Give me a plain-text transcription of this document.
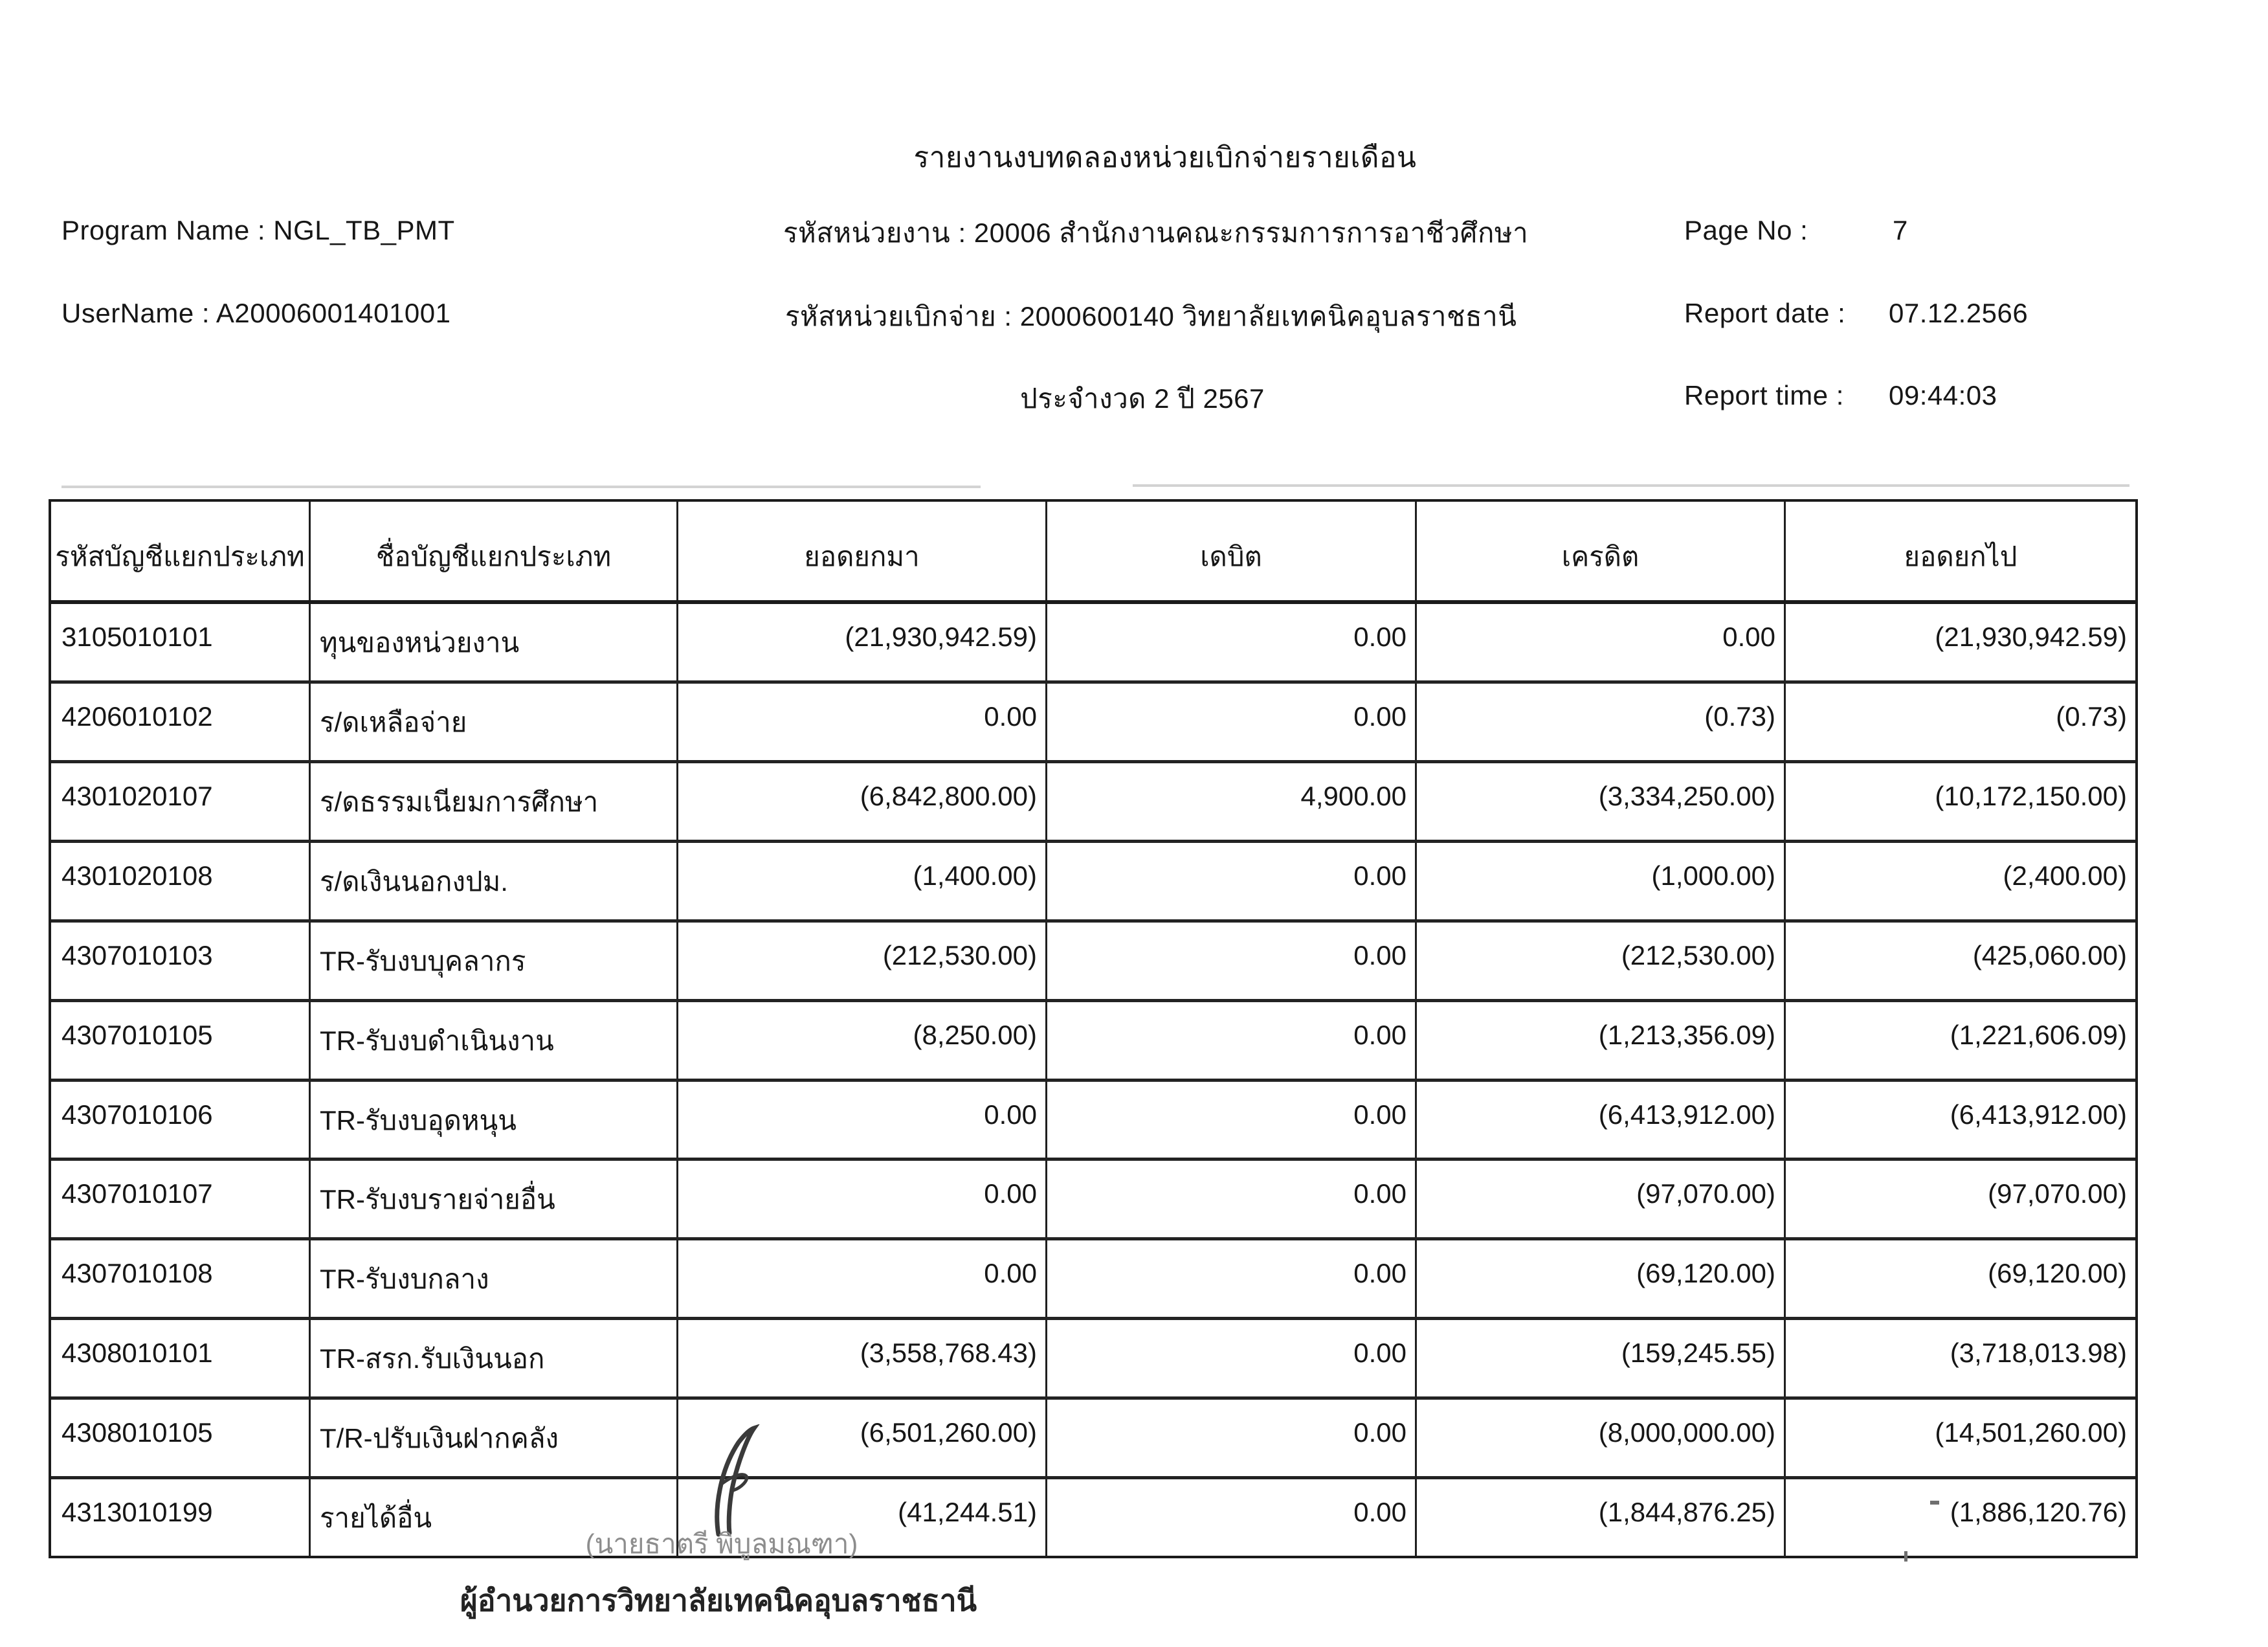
รายงานงบทดลองหน่วยเบิกจ่ายรายเดือน
Program Name : NGL_TB_PMT
UserName : A20006001401001
รหัสหน่วยงาน : 20006 สำนักงานคณะกรรมการการอาชีวศึกษา
รหัสหน่วยเบิกจ่าย : 2000600140 วิทยาลัยเทคนิคอุบลราชธานี
ประจำงวด 2 ปี 2567
Page No :	7
Report date : 07.12.2566
Report time : 09:44:03
รหัสบัญชีแยกประเภท	ชื่อบัญชีแยกประเภท	ยอดยกมา	เดบิต	เครดิต	ยอดยกไป
3105010101	ทุนของหน่วยงาน	(21,930,942.59)	0.00	0.00	(21,930,942.59)
4206010102	ร/ดเหลือจ่าย	0.00	0.00	(0.73)	(0.73)
4301020107	ร/ดธรรมเนียมการศึกษา	(6,842,800.00)	4,900.00	(3,334,250.00)	(10,172,150.00)
4301020108	ร/ดเงินนอกงปม.	(1,400.00)	0.00	(1,000.00)	(2,400.00)
4307010103	TR-รับงบบุคลากร	(212,530.00)	0.00	(212,530.00)	(425,060.00)
4307010105	TR-รับงบดำเนินงาน	(8,250.00)	0.00	(1,213,356.09)	(1,221,606.09)
4307010106	TR-รับงบอุดหนุน	0.00	0.00	(6,413,912.00)	(6,413,912.00)
4307010107	TR-รับงบรายจ่ายอื่น	0.00	0.00	(97,070.00)	(97,070.00)
4307010108	TR-รับงบกลาง	0.00	0.00	(69,120.00)	(69,120.00)
4308010101	TR-สรก.รับเงินนอก	(3,558,768.43)	0.00	(159,245.55)	(3,718,013.98)
4308010105	T/R-ปรับเงินฝากคลัง	(6,501,260.00)	0.00	(8,000,000.00)	(14,501,260.00)
4313010199	รายได้อื่น	(41,244.51)	0.00	(1,844,876.25)	(1,886,120.76)
(นายธาตรี พิบูลมณฑา)
ผู้อำนวยการวิทยาลัยเทคนิคอุบลราชธานี
